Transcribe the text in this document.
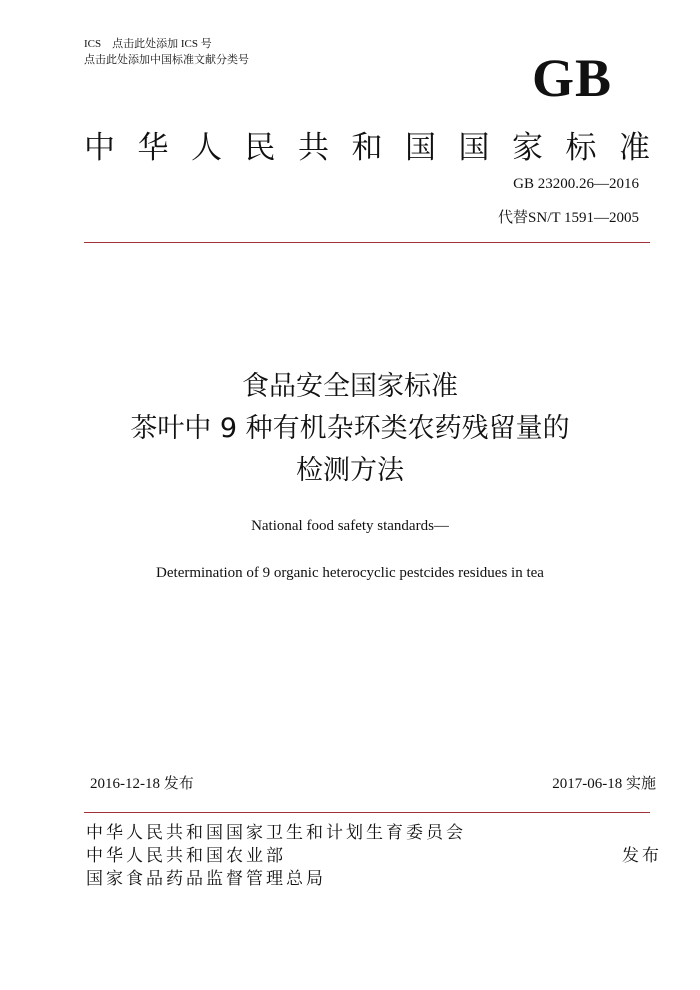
ICS　点击此处添加 ICS 号
点击此处添加中国标准文献分类号	GB
中 华 人 民 共 和 国 国 家 标 准
GB 23200.26—2016
代替SN/T 1591—2005
食品安全国家标准
茶叶中 9 种有机杂环类农药残留量的
检测方法
National food safety standards—
Determination of 9 organic heterocyclic pestcides residues in tea
2016-12-18 发布	2017-06-18 实施
中华人民共和国国家卫生和计划生育委员会
中华人民共和国农业部
国家食品药品监督管理总局
发布
